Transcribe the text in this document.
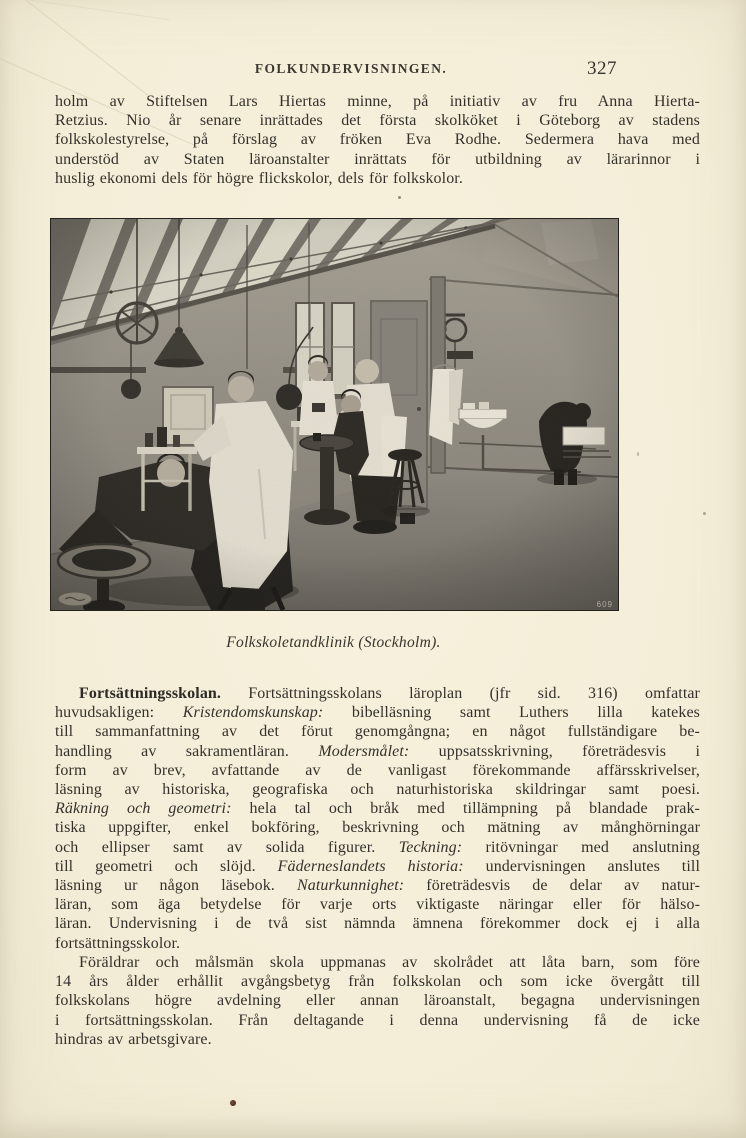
FOLKUNDERVISNINGEN.	327
holm av Stiftelsen Lars Hiertas minne, på initiativ av fru Anna Hierta-
Retzius. Nio år senare inrättades det första skolköket i Göteborg av stadens
folkskolestyrelse, på förslag av fröken Eva Rodhe. Sedermera hava med
understöd av Staten läroanstalter inrättats för utbildning av lärarinnor i
huslig ekonomi dels för högre flickskolor, dels för folkskolor.
609
Folkskoletandklinik (Stockholm).
Fortsättningsskolan. Fortsättningsskolans läroplan (jfr sid. 316) omfattar
huvudsakligen: Kristendomskunskap: bibelläsning samt Luthers lilla katekes
till sammanfattning av det förut genomgångna; en något fullständigare be-
handling av sakramentläran. Modersmålet: uppsatsskrivning, företrädesvis i
form av brev, avfattande av de vanligast förekommande affärsskrivelser,
läsning av historiska, geografiska och naturhistoriska skildringar samt poesi.
Räkning och geometri: hela tal och bråk med tillämpning på blandade prak-
tiska uppgifter, enkel bokföring, beskrivning och mätning av månghörningar
och ellipser samt av solida figurer. Teckning: ritövningar med anslutning
till geometri och slöjd. Fäderneslandets historia: undervisningen anslutes till
läsning ur någon läsebok. Naturkunnighet: företrädesvis de delar av natur-
läran, som äga betydelse för varje orts viktigaste näringar eller för hälso-
läran. Undervisning i de två sist nämnda ämnena förekommer dock ej i alla
fortsättningsskolor.
Föräldrar och målsmän skola uppmanas av skolrådet att låta barn, som före
14 års ålder erhållit avgångsbetyg från folkskolan och som icke övergått till
folkskolans högre avdelning eller annan läroanstalt, begagna undervisningen
i fortsättningsskolan. Från deltagande i denna undervisning få de icke
hindras av arbetsgivare.
